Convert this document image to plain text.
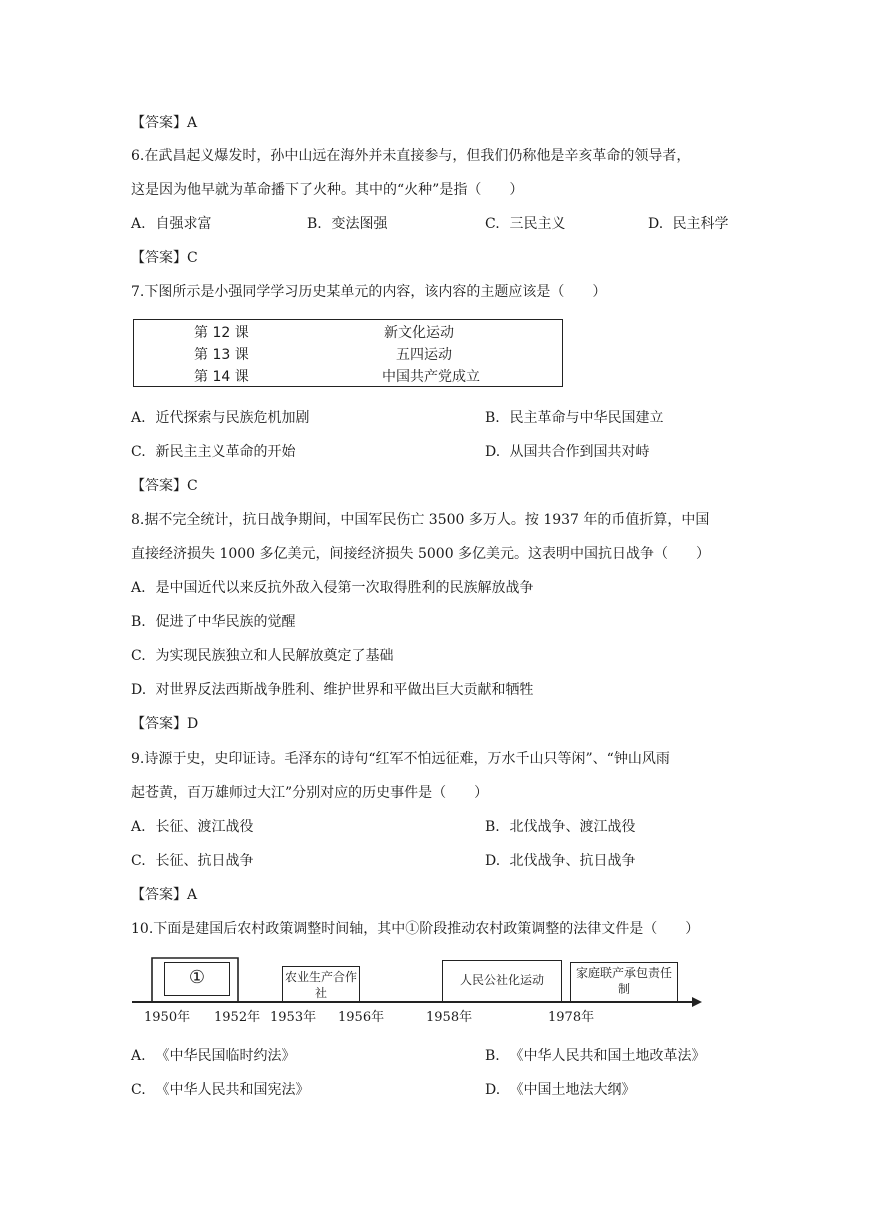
【答案】A
6.在武昌起义爆发时，孙中山远在海外并未直接参与，但我们仍称他是辛亥革命的领导者，
这是因为他早就为革命播下了火种。其中的“火种”是指（　　）
A. 自强求富	B. 变法图强	C. 三民主义	D. 民主科学
【答案】C
7.下图所示是小强同学学习历史某单元的内容，该内容的主题应该是（　　）
第 12 课	新文化运动
第 13 课	五四运动
第 14 课	中国共产党成立
A. 近代探索与民族危机加剧	B. 民主革命与中华民国建立
C. 新民主主义革命的开始	D. 从国共合作到国共对峙
【答案】C
8.据不完全统计，抗日战争期间，中国军民伤亡 3500 多万人。按 1937 年的币值折算，中国
直接经济损失 1000 多亿美元，间接经济损失 5000 多亿美元。这表明中国抗日战争（　　）
A. 是中国近代以来反抗外敌入侵第一次取得胜利的民族解放战争
B. 促进了中华民族的觉醒
C. 为实现民族独立和人民解放奠定了基础
D. 对世界反法西斯战争胜利、维护世界和平做出巨大贡献和牺牲
【答案】D
9.诗源于史，史印证诗。毛泽东的诗句“红军不怕远征难，万水千山只等闲”、“钟山风雨
起苍黄，百万雄师过大江”分别对应的历史事件是（　　）
A. 长征、渡江战役	B. 北伐战争、渡江战役
C. 长征、抗日战争	D. 北伐战争、抗日战争
【答案】A
10.下面是建国后农村政策调整时间轴，其中①阶段推动农村政策调整的法律文件是（　　）
①	农业生产合作社
人民公社化运动	家庭联产承包责任制
1950年 1952年 1953年 1956年	1958年	1978年
A. 《中华民国临时约法》	B. 《中华人民共和国土地改革法》
C. 《中华人民共和国宪法》	D. 《中国土地法大纲》
